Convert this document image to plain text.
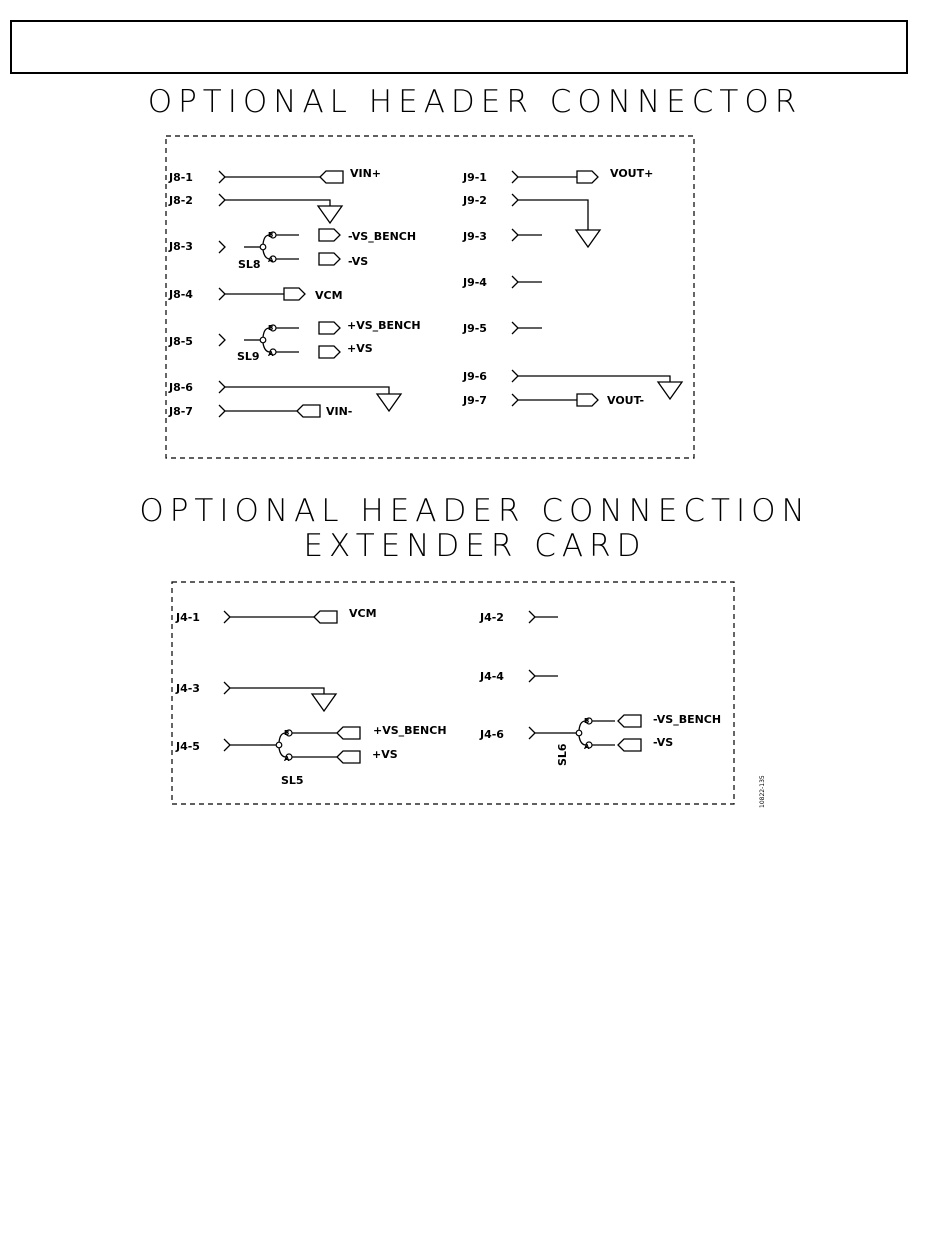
OPTIONAL HEADER CONNECTOR
OPTIONAL HEADER CONNECTION
EXTENDER CARD
J8-1	VIN+
J8-2
J8-3
B
A
-VS_BENCH
-VS
SL8
J8-4	VCM
J8-5
B
A
+VS_BENCH
+VS
SL9
J8-6
J8-7	VIN-
J9-1	VOUT+
J9-2
J9-3
J9-4
J9-5
J9-6
J9-7	VOUT-
J4-1	VCM
J4-3
J4-5
B
A
+VS_BENCH
+VS
SL5
J4-2
J4-4
J4-6
B
A
-VS_BENCH
-VS
SL6
10822-135
